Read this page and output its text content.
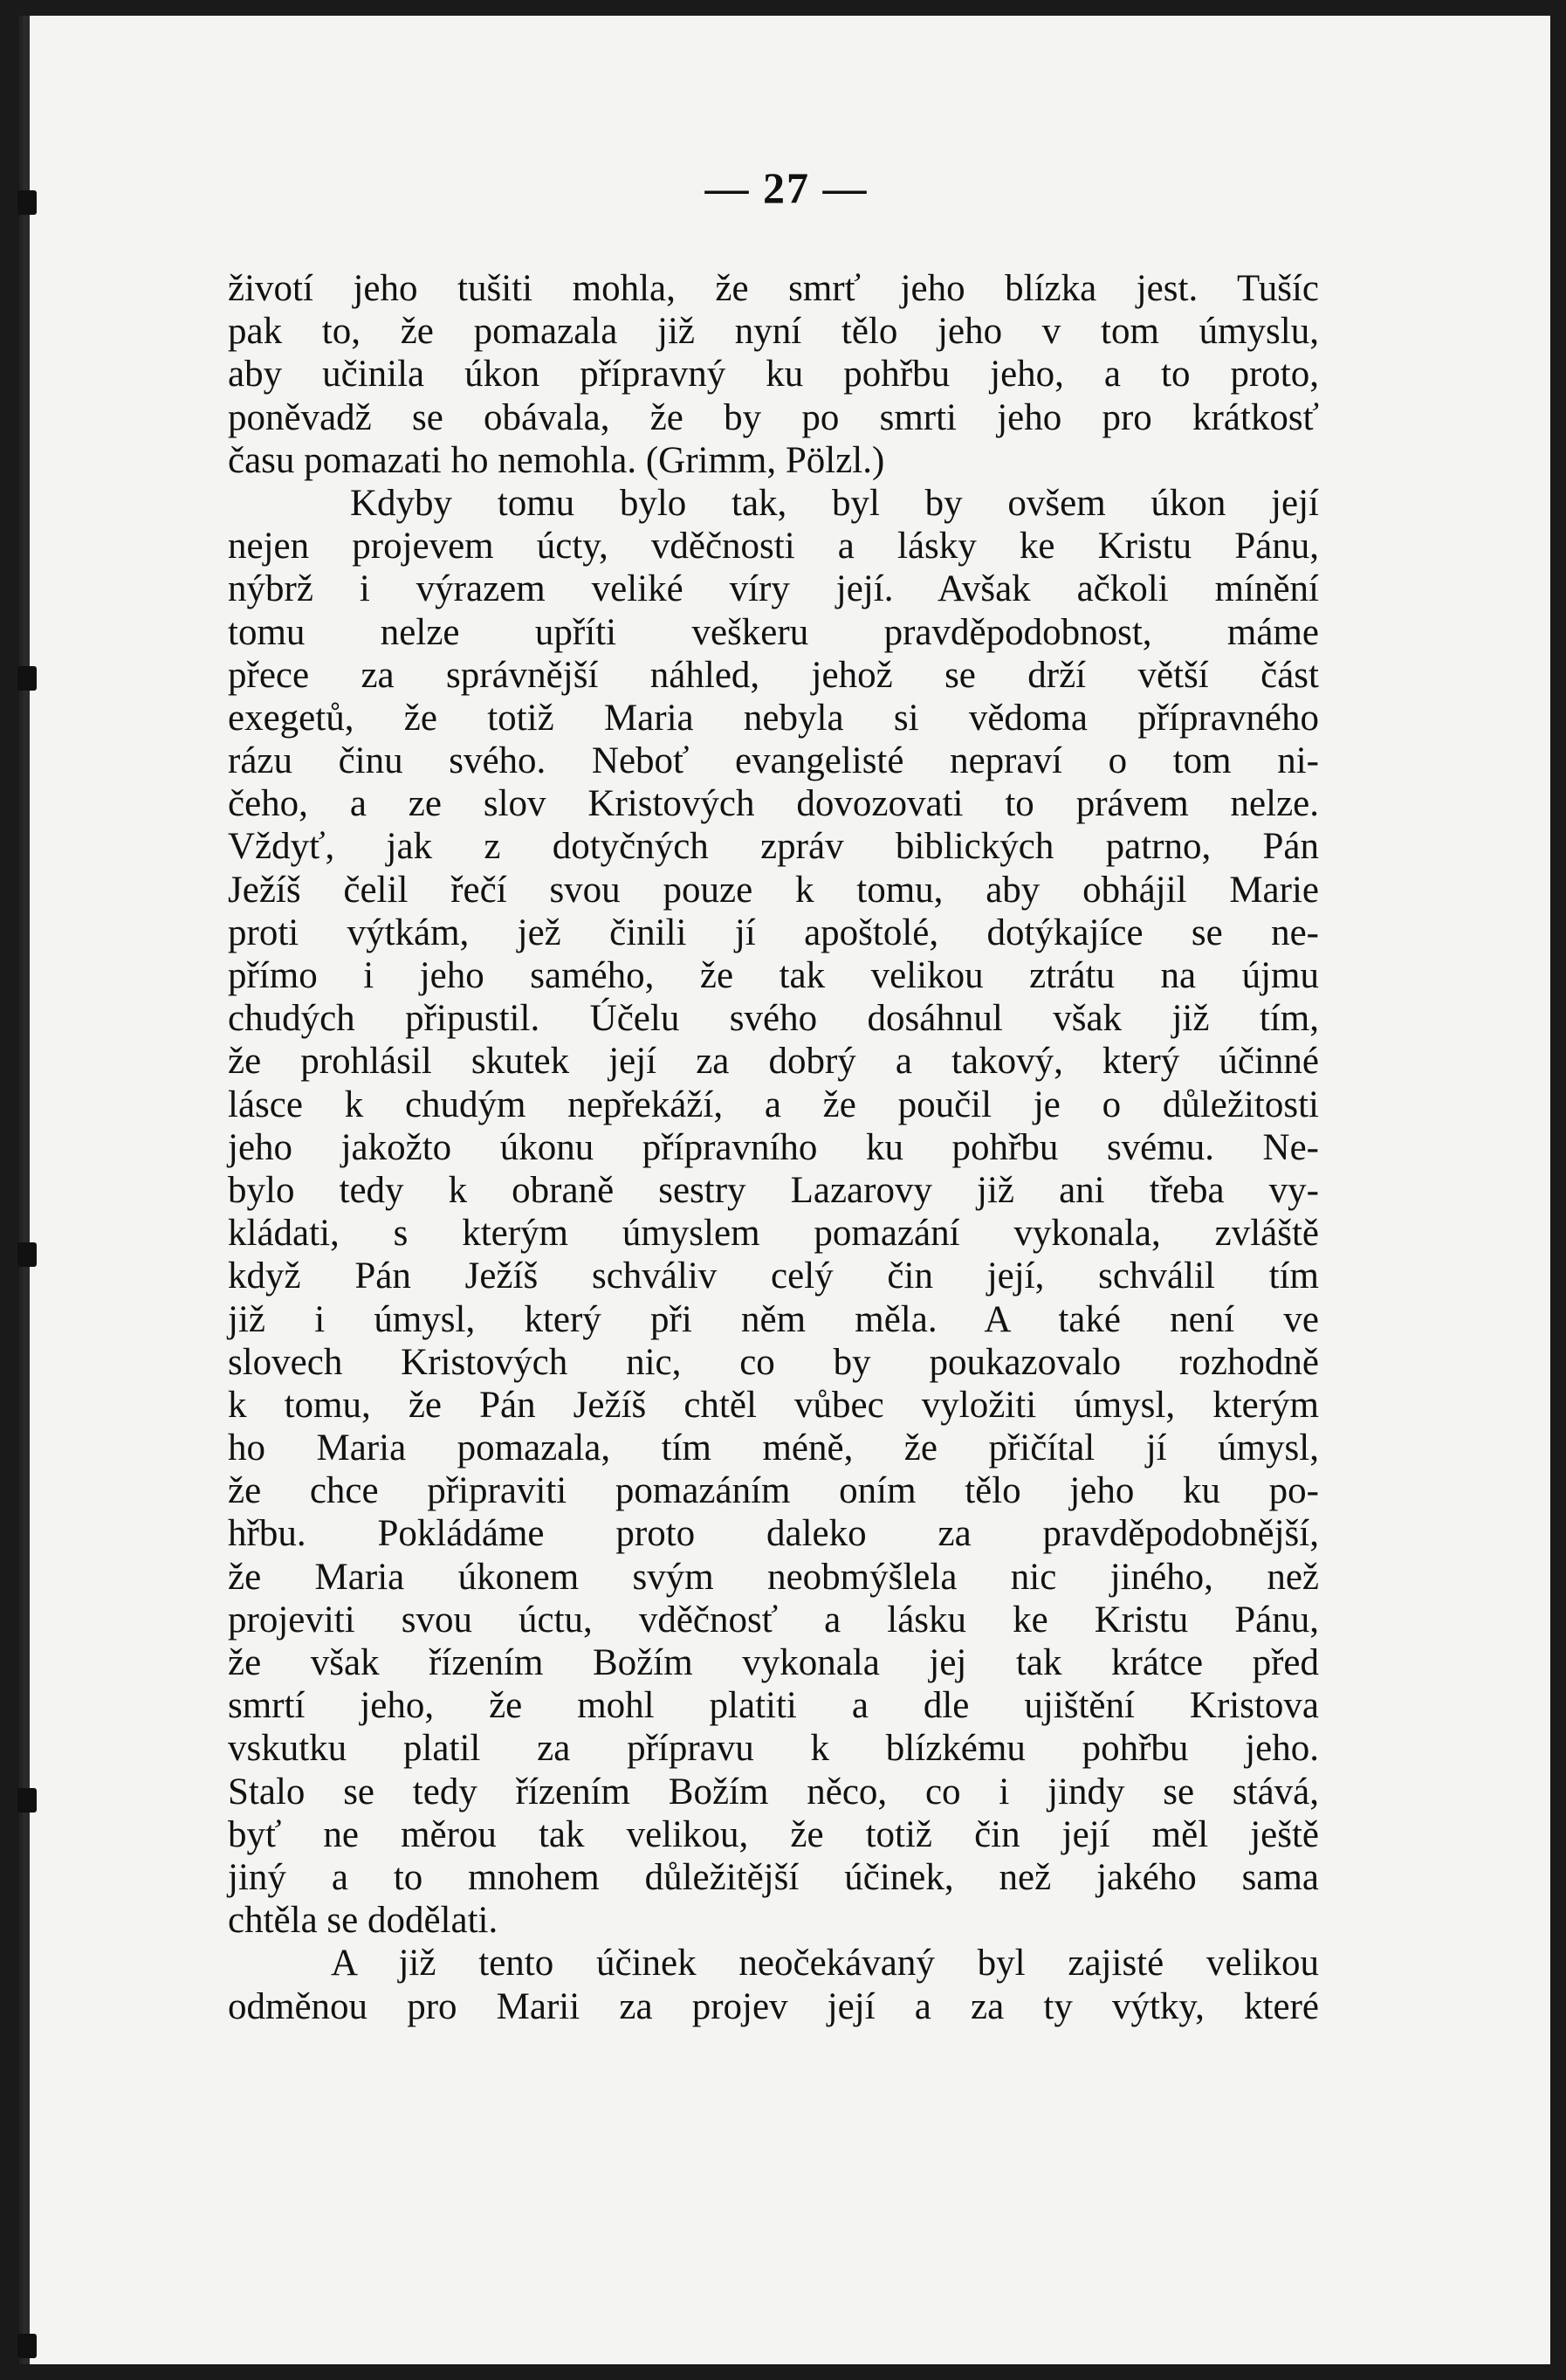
— 27 —
životí jeho tušiti mohla, že smrť jeho blízka jest. Tušíc
pak to, že pomazala již nyní tělo jeho v tom úmyslu,
aby učinila úkon přípravný ku pohřbu jeho, a to proto,
poněvadž se obávala, že by po smrti jeho pro krátkosť
času pomazati ho nemohla. (Grimm, Pölzl.)
Kdyby tomu bylo tak, byl by ovšem úkon její
nejen projevem úcty, vděčnosti a lásky ke Kristu Pánu,
nýbrž i výrazem veliké víry její. Avšak ačkoli mínění
tomu nelze upříti veškeru pravděpodobnost, máme
přece za správnější náhled, jehož se drží větší část
exegetů, že totiž Maria nebyla si vědoma přípravného
rázu činu svého. Neboť evangelisté nepraví o tom ni-
čeho, a ze slov Kristových dovozovati to právem nelze.
Vždyť, jak z dotyčných zpráv biblických patrno, Pán
Ježíš čelil řečí svou pouze k tomu, aby obhájil Marie
proti výtkám, jež činili jí apoštolé, dotýkajíce se ne-
přímo i jeho samého, že tak velikou ztrátu na újmu
chudých připustil. Účelu svého dosáhnul však již tím,
že prohlásil skutek její za dobrý a takový, který účinné
lásce k chudým nepřekáží, a že poučil je o důležitosti
jeho jakožto úkonu přípravního ku pohřbu svému. Ne-
bylo tedy k obraně sestry Lazarovy již ani třeba vy-
kládati, s kterým úmyslem pomazání vykonala, zvláště
když Pán Ježíš schváliv celý čin její, schválil tím
již i úmysl, který při něm měla. A také není ve
slovech Kristových nic, co by poukazovalo rozhodně
k tomu, že Pán Ježíš chtěl vůbec vyložiti úmysl, kterým
ho Maria pomazala, tím méně, že přičítal jí úmysl,
že chce připraviti pomazáním oním tělo jeho ku po-
hřbu. Pokládáme proto daleko za pravděpodobnější,
že Maria úkonem svým neobmýšlela nic jiného, než
projeviti svou úctu, vděčnosť a lásku ke Kristu Pánu,
že však řízením Božím vykonala jej tak krátce před
smrtí jeho, že mohl platiti a dle ujištění Kristova
vskutku platil za přípravu k blízkému pohřbu jeho.
Stalo se tedy řízením Božím něco, co i jindy se stává,
byť ne měrou tak velikou, že totiž čin její měl ještě
jiný a to mnohem důležitější účinek, než jakého sama
chtěla se dodělati.
A již tento účinek neočekávaný byl zajisté velikou
odměnou pro Marii za projev její a za ty výtky, které
